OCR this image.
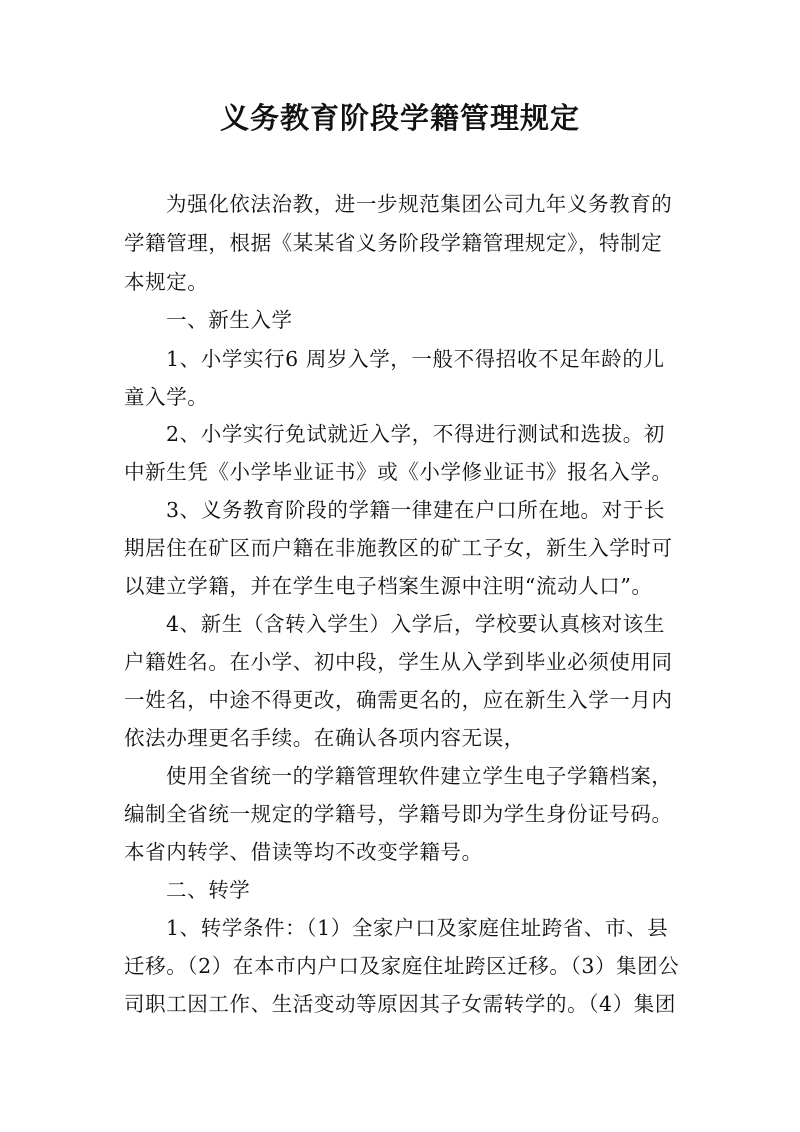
义务教育阶段学籍管理规定
为强化依法治教，进一步规范集团公司九年义务教育的
学籍管理，根据《某某省义务阶段学籍管理规定》，特制定
本规定。
一、新生入学
1、小学实行6 周岁入学，一般不得招收不足年龄的儿
童入学。
2、小学实行免试就近入学，不得进行测试和选拔。初
中新生凭《小学毕业证书》或《小学修业证书》报名入学。
3、义务教育阶段的学籍一律建在户口所在地。对于长
期居住在矿区而户籍在非施教区的矿工子女，新生入学时可
以建立学籍，并在学生电子档案生源中注明“流动人口”。
4、新生（含转入学生）入学后，学校要认真核对该生
户籍姓名。在小学、初中段，学生从入学到毕业必须使用同
一姓名，中途不得更改，确需更名的，应在新生入学一月内
依法办理更名手续。在确认各项内容无误，
使用全省统一的学籍管理软件建立学生电子学籍档案，
编制全省统一规定的学籍号，学籍号即为学生身份证号码。
本省内转学、借读等均不改变学籍号。
二、转学
1、转学条件：（1）全家户口及家庭住址跨省、市、县
迁移。（2）在本市内户口及家庭住址跨区迁移。（3）集团公
司职工因工作、生活变动等原因其子女需转学的。（4）集团
